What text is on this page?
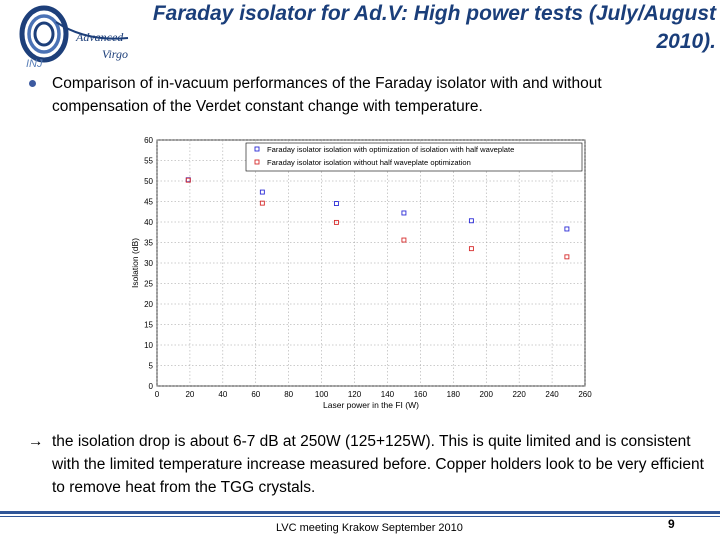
Advanced
Virgo
INJ
Faraday isolator for Ad.V: High power tests (July/August 2010).
Comparison of in-vacuum performances of the Faraday isolator with and without compensation of the Verdet constant change with temperature.
0
5
10
15
20
25
30
35
40
45
50
55
60
0	20	40	60	80	100 120 140 160 180 200 220 240 260
Laser power in the FI (W)
Isolation (dB)
Faraday isolator isolation with optimization of isolation with half waveplate
Faraday isolator isolation without half waveplate optimization
→ the isolation drop is about 6-7 dB at 250W (125+125W). This is quite limited and is consistent with the limited temperature increase measured before. Copper holders look to be very efficient to remove heat from the TGG crystals.
LVC meeting Krakow September 2010	9
